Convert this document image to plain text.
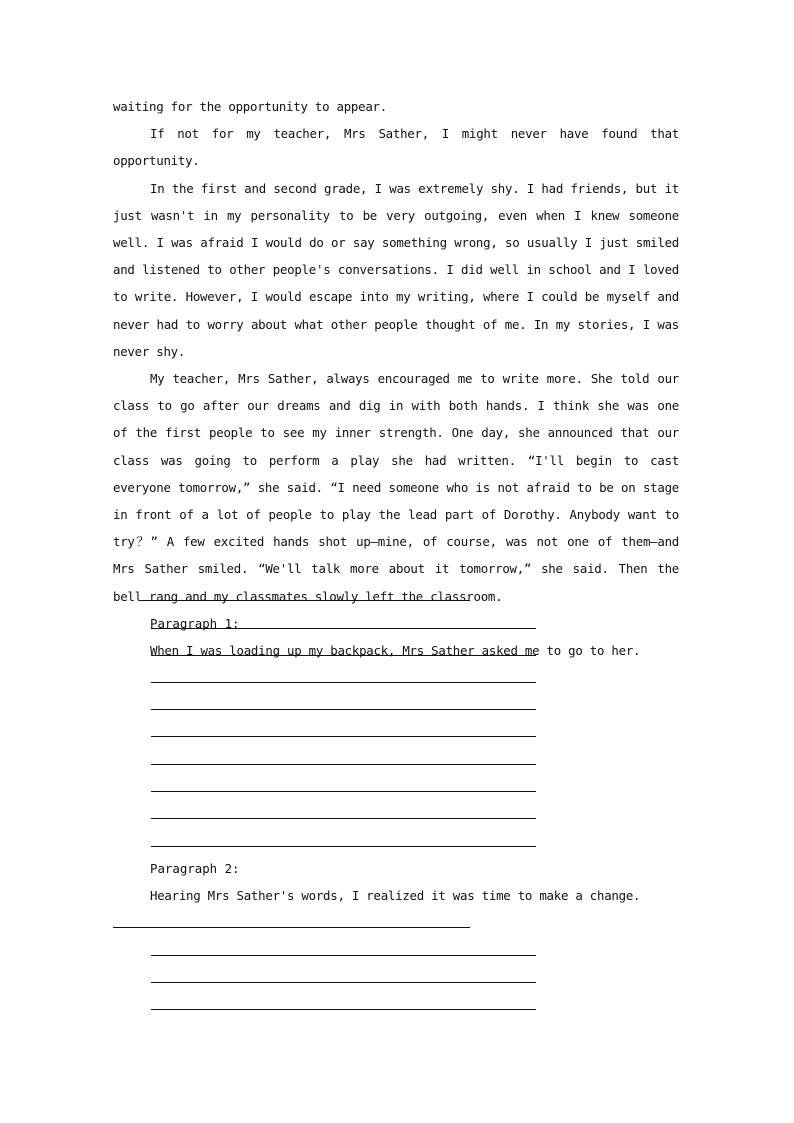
waiting for the opportunity to appear.

If not for my teacher, Mrs Sather, I might never have found that opportunity.

In the first and second grade, I was extremely shy. I had friends, but it just wasn't in my personality to be very outgoing, even when I knew someone well. I was afraid I would do or say something wrong, so usually I just smiled and listened to other people's conversations. I did well in school and I loved to write. However, I would escape into my writing, where I could be myself and never had to worry about what other people thought of me. In my stories, I was never shy.

My teacher, Mrs Sather, always encouraged me to write more. She told our class to go after our dreams and dig in with both hands. I think she was one of the first people to see my inner strength. One day, she announced that our class was going to perform a play she had written. “I'll begin to cast everyone tomorrow,” she said. “I need someone who is not afraid to be on stage in front of a lot of people to play the lead part of Dorothy. Anybody want to try？” A few excited hands shot up—mine, of course, was not one of them—and Mrs Sather smiled. “We'll talk more about it tomorrow,” she said. Then the bell rang and my classmates slowly left the classroom.

Paragraph 1:

When I was loading up my backpack, Mrs Sather asked me to go to her.

Paragraph 2:

Hearing Mrs Sather's words, I realized it was time to make a change.
